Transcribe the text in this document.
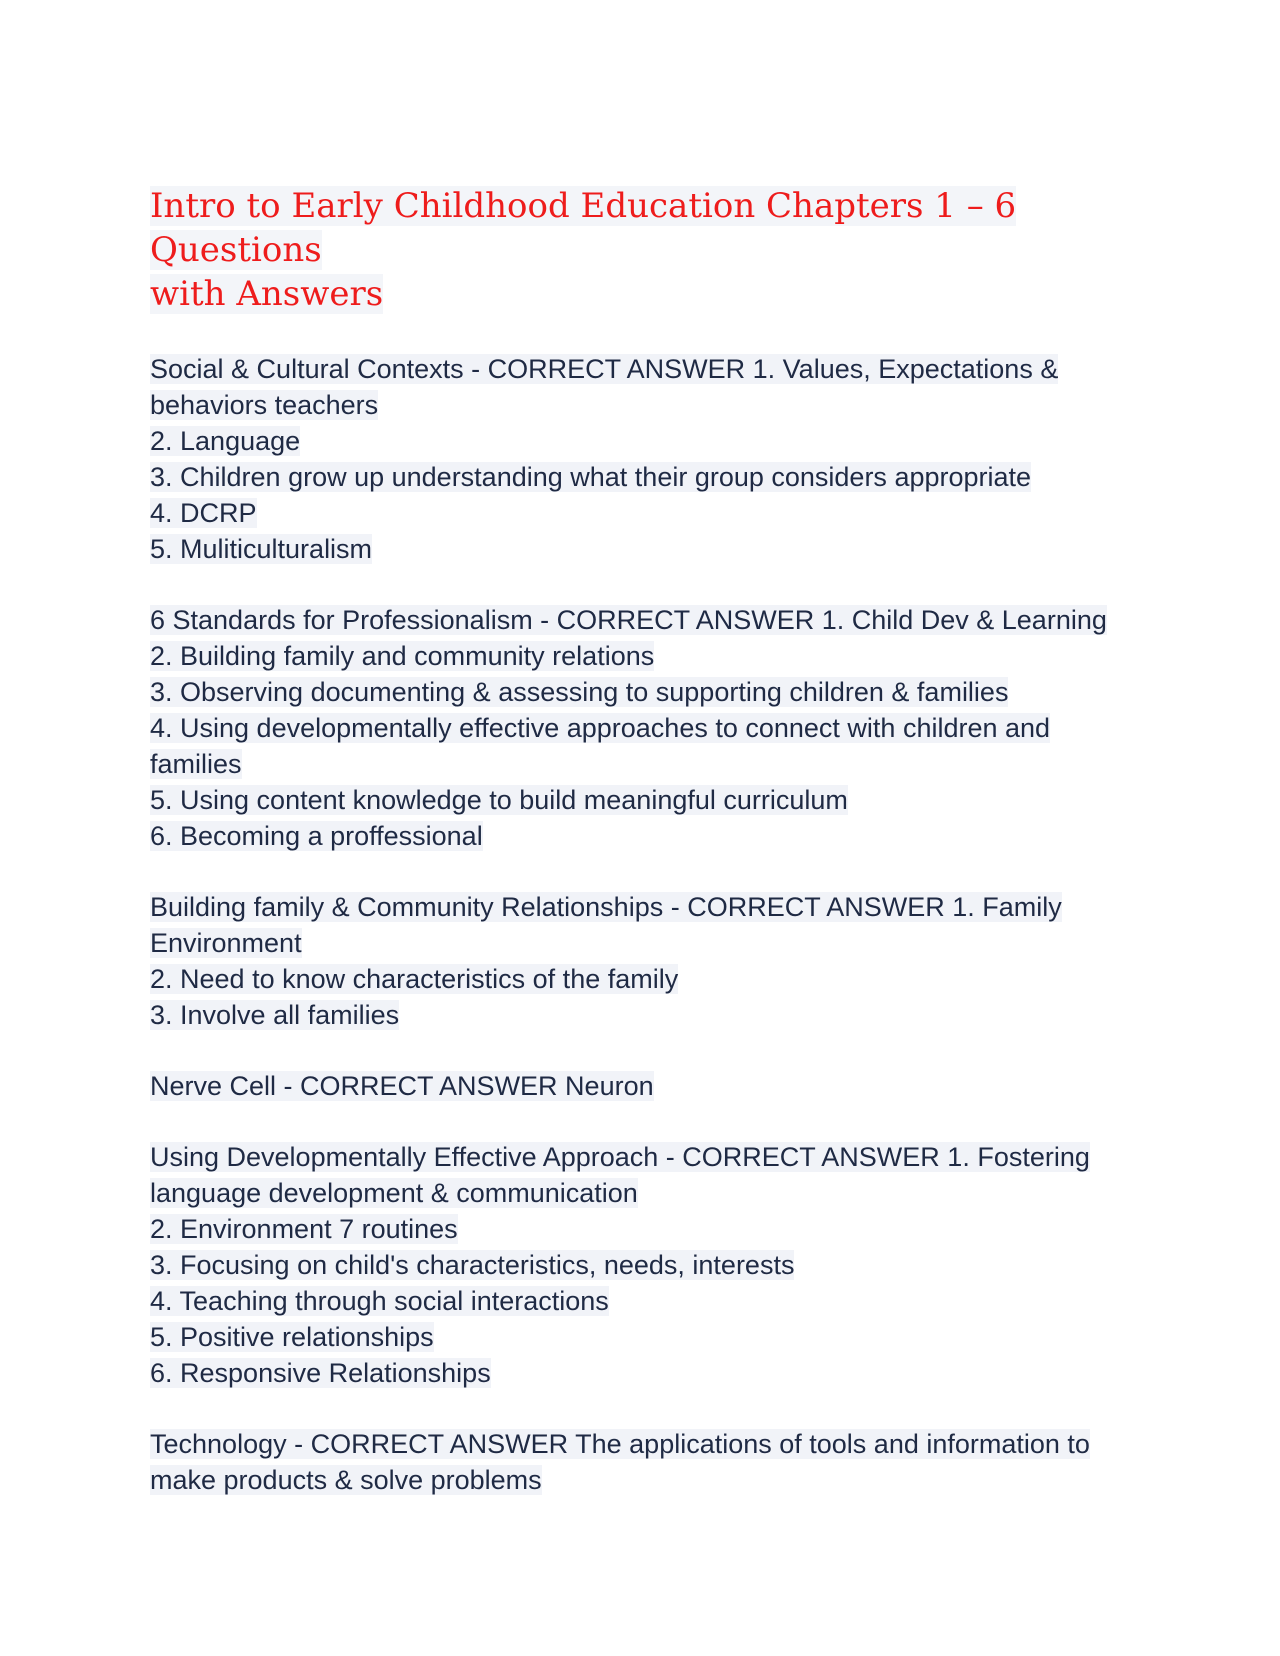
Intro to Early Childhood Education Chapters 1 – 6 Questions
with Answers
Social & Cultural Contexts - CORRECT ANSWER 1. Values, Expectations &
behaviors teachers
2. Language
3. Children grow up understanding what their group considers appropriate
4. DCRP
5. Muliticulturalism
6 Standards for Professionalism - CORRECT ANSWER 1. Child Dev & Learning
2. Building family and community relations
3. Observing documenting & assessing to supporting children & families
4. Using developmentally effective approaches to connect with children and
families
5. Using content knowledge to build meaningful curriculum
6. Becoming a proffessional
Building family & Community Relationships - CORRECT ANSWER 1. Family
Environment
2. Need to know characteristics of the family
3. Involve all families
Nerve Cell - CORRECT ANSWER Neuron
Using Developmentally Effective Approach - CORRECT ANSWER 1. Fostering
language development & communication
2. Environment 7 routines
3. Focusing on child's characteristics, needs, interests
4. Teaching through social interactions
5. Positive relationships
6. Responsive Relationships
Technology - CORRECT ANSWER The applications of tools and information to
make products & solve problems
